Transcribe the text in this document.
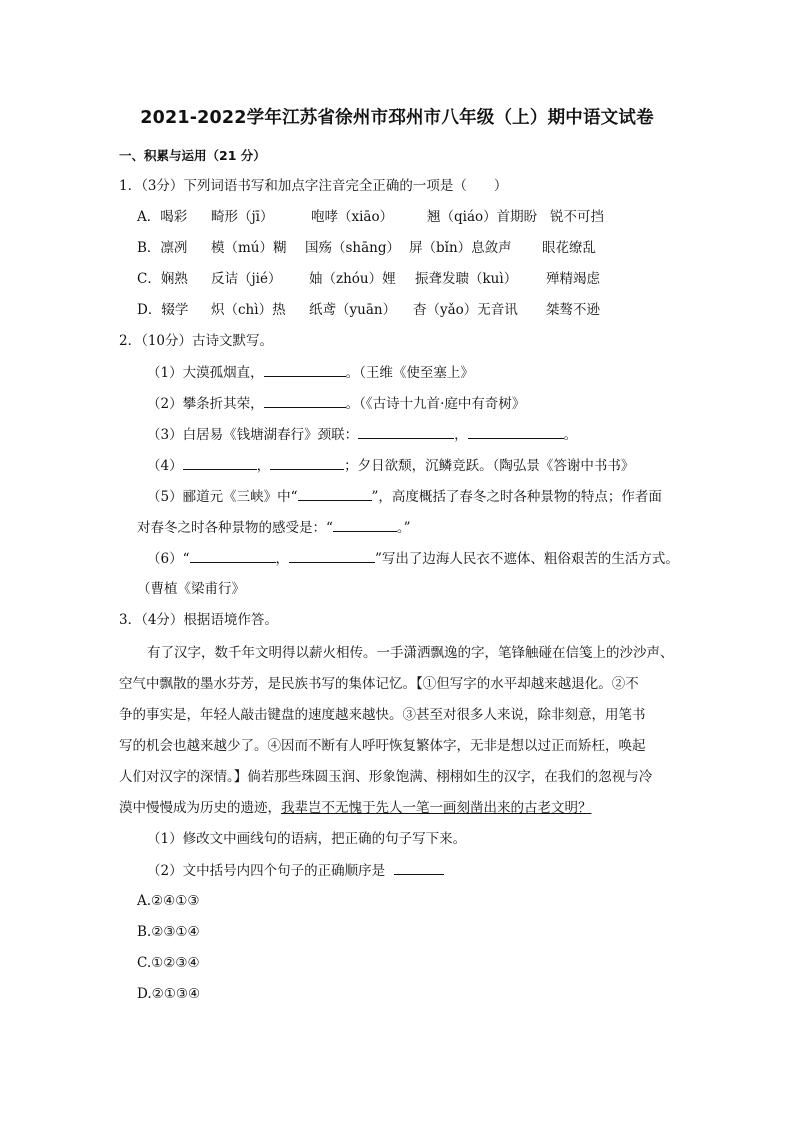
2021-2022学年江苏省徐州市邳州市八年级（上）期中语文试卷
一、积累与运用（21 分）
1．（3分）下列词语书写和加点字注音完全正确的一项是（　　）
A．喝彩 畸形（jī）	咆哮（xiāo）	翘（qiáo）首期盼 锐不可挡
B．凛冽 模（mú）糊 国殇（shāng） 屏（bǐn）息敛声 眼花缭乱
C．娴熟 反诘（jié） 妯（zhóu）娌 振聋发聩（kuì） 殚精竭虑
D．辍学 炽（chì）热 纸鸢（yuān） 杳（yǎo）无音讯 桀骜不逊
2．（10分）古诗文默写。
（1）大漠孤烟直，	。（王维《使至塞上》
（2）攀条折其荣，	。（《古诗十九首·庭中有奇树》
（3）白居易《钱塘湖春行》颈联：	，	。
（4）	，	；夕日欲颓，沉鳞竞跃。（陶弘景《答谢中书书》
（5）郦道元《三峡》中“	”，高度概括了春冬之时各种景物的特点；作者面
对春冬之时各种景物的感受是：“	。”
（6）“	，	”写出了边海人民衣不遮体、粗俗艰苦的生活方式。
（曹植《梁甫行》
3．（4分）根据语境作答。
有了汉字，数千年文明得以薪火相传。一手潇洒飘逸的字，笔锋触碰在信笺上的沙沙声、
空气中飘散的墨水芬芳，是民族书写的集体记忆。【①但写字的水平却越来越退化。②不
争的事实是，年轻人敲击键盘的速度越来越快。③甚至对很多人来说，除非刻意，用笔书
写的机会也越来越少了。④因而不断有人呼吁恢复繁体字，无非是想以过正而矫枉，唤起
人们对汉字的深情。】倘若那些珠圆玉润、形象饱满、栩栩如生的汉字，在我们的忽视与冷
漠中慢慢成为历史的遗迹，我辈岂不无愧于先人一笔一画刻凿出来的古老文明？
（1）修改文中画线句的语病，把正确的句子写下来。
（2）文中括号内四个句子的正确顺序是
A.②④①③
B.②③①④
C.①②③④
D.②①③④
